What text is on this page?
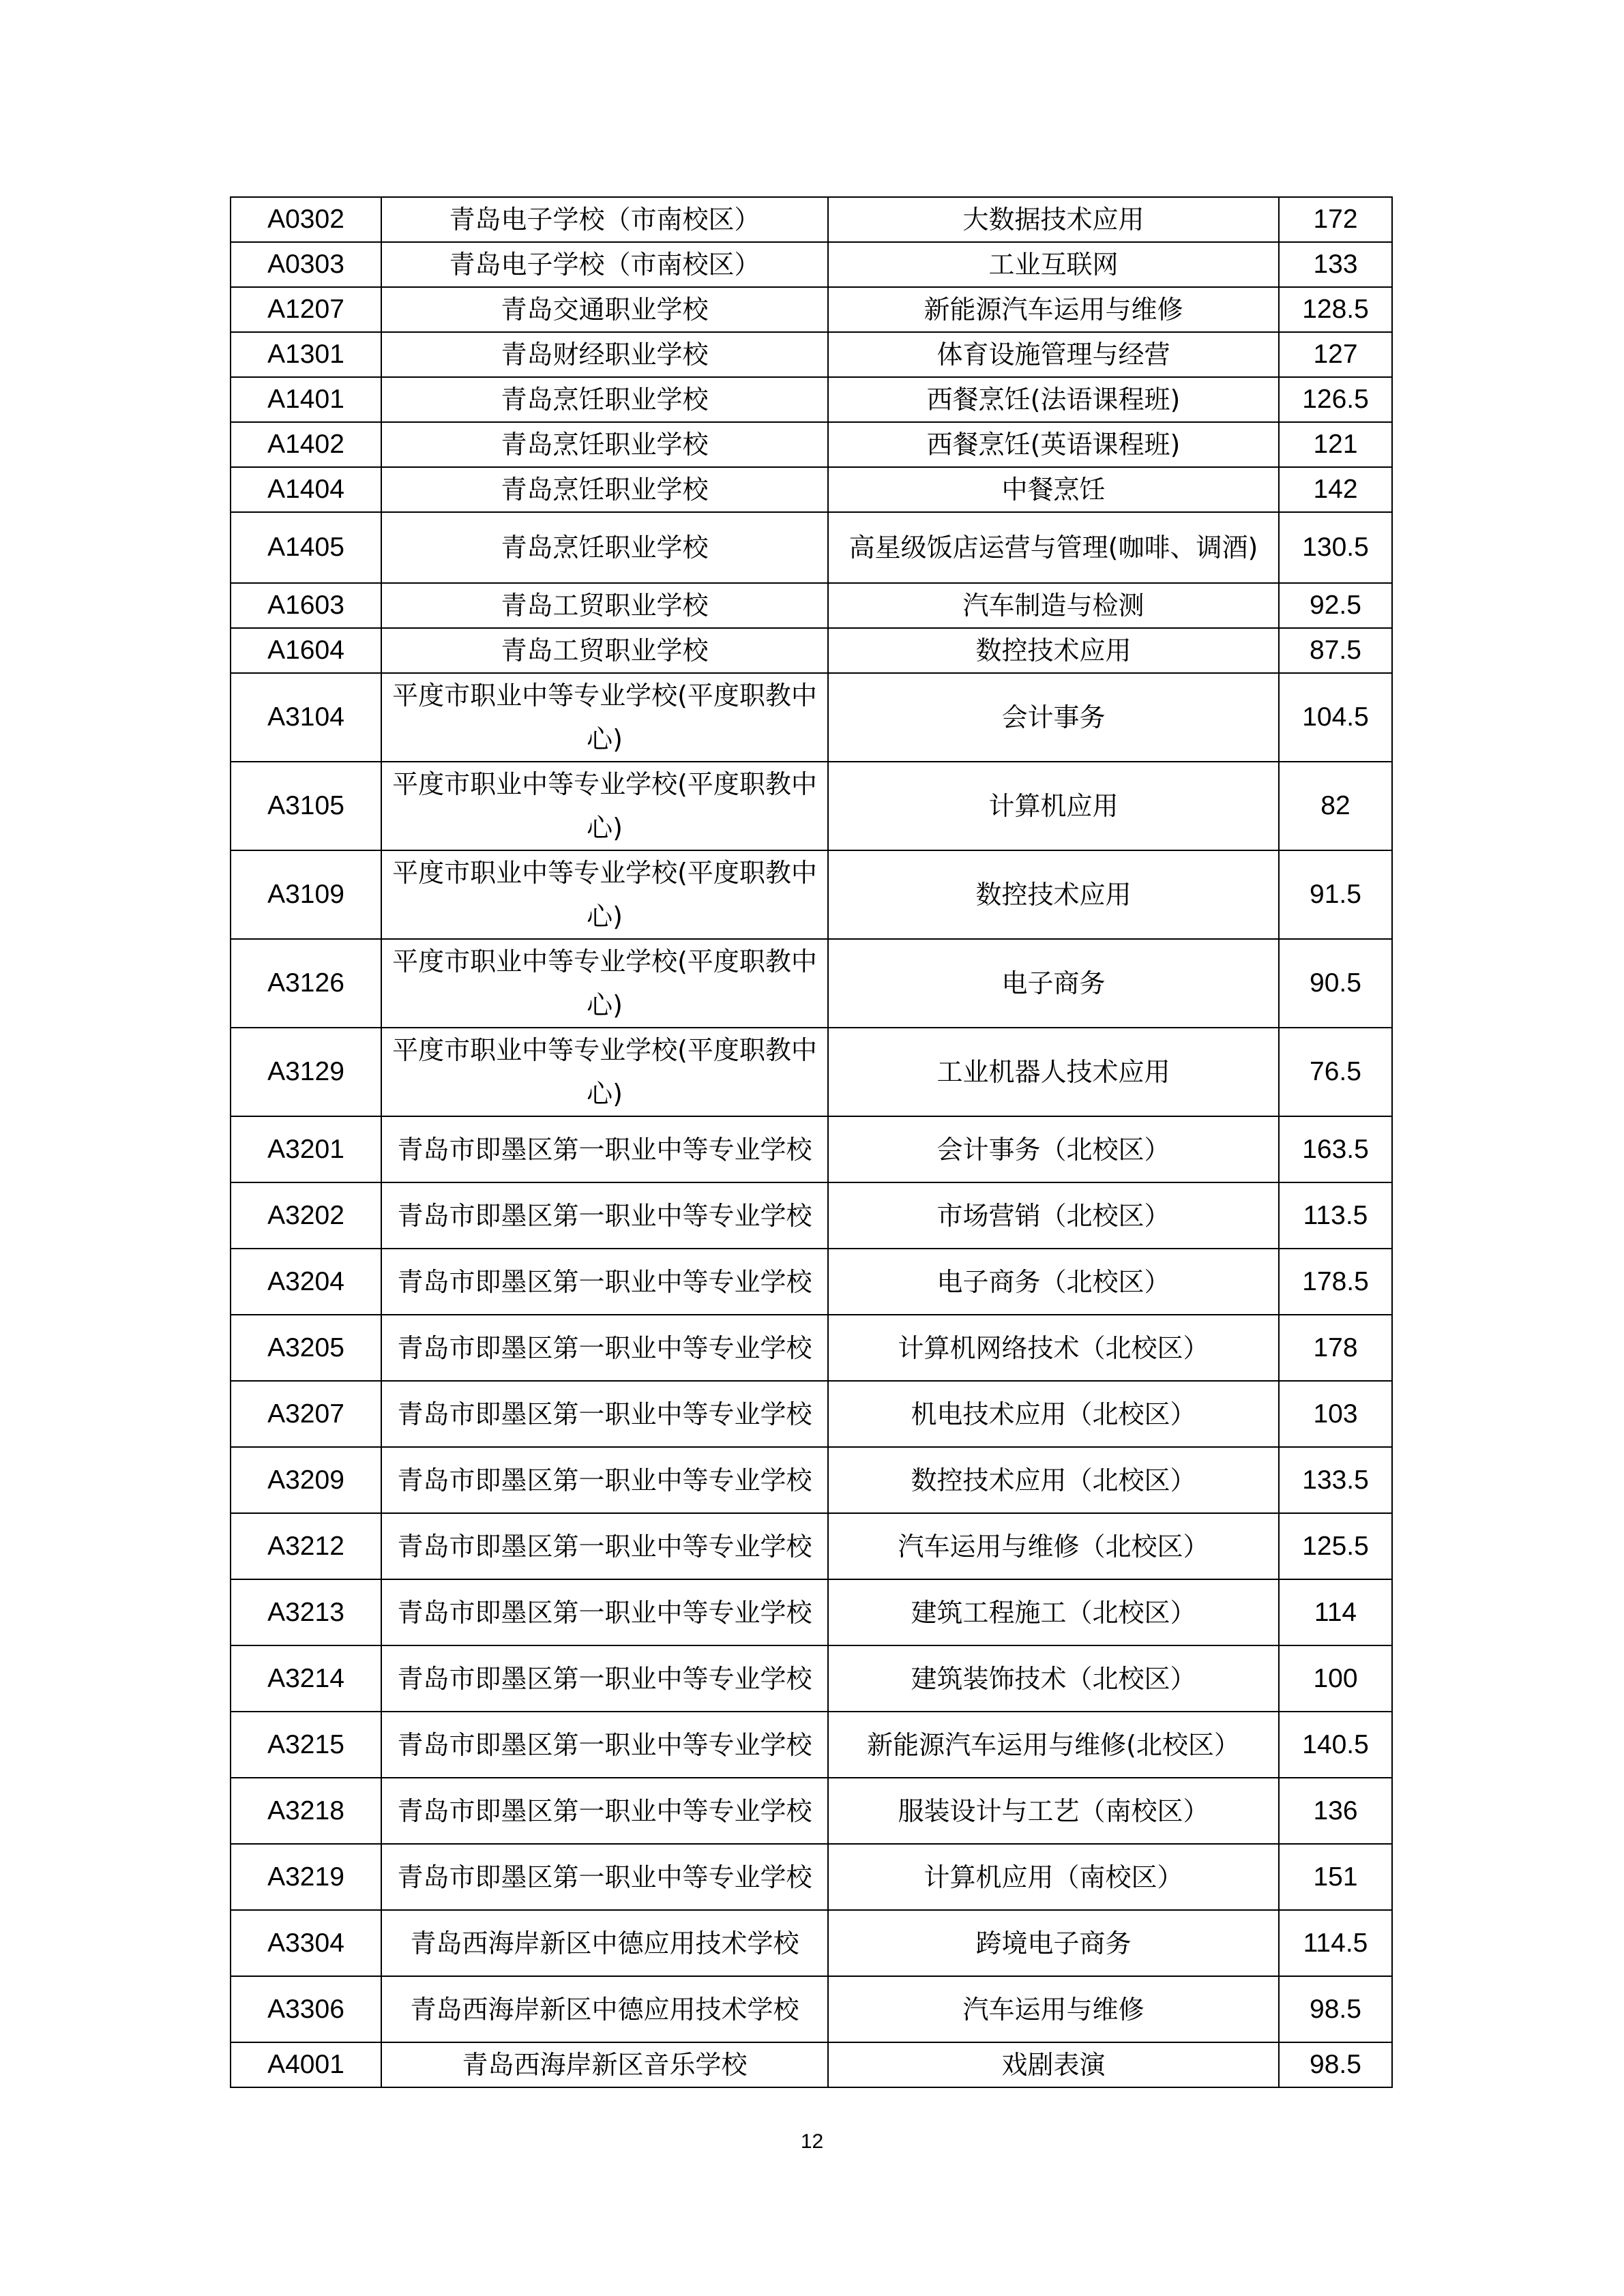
A0302	青岛电子学校（市南校区）	大数据技术应用	172
A0303	青岛电子学校（市南校区）	工业互联网	133
A1207	青岛交通职业学校	新能源汽车运用与维修	128.5
A1301	青岛财经职业学校	体育设施管理与经营	127
A1401	青岛烹饪职业学校	西餐烹饪(法语课程班)	126.5
A1402	青岛烹饪职业学校	西餐烹饪(英语课程班)	121
A1404	青岛烹饪职业学校	中餐烹饪	142
A1405	青岛烹饪职业学校	高星级饭店运营与管理(咖啡、调酒)	130.5
A1603	青岛工贸职业学校	汽车制造与检测	92.5
A1604	青岛工贸职业学校	数控技术应用	87.5
A3104	平度市职业中等专业学校(平度职教中心)	会计事务	104.5
A3105	平度市职业中等专业学校(平度职教中心)	计算机应用	82
A3109	平度市职业中等专业学校(平度职教中心)	数控技术应用	91.5
A3126	平度市职业中等专业学校(平度职教中心)	电子商务	90.5
A3129	平度市职业中等专业学校(平度职教中心)	工业机器人技术应用	76.5
A3201	青岛市即墨区第一职业中等专业学校	会计事务（北校区）	163.5
A3202	青岛市即墨区第一职业中等专业学校	市场营销（北校区）	113.5
A3204	青岛市即墨区第一职业中等专业学校	电子商务（北校区）	178.5
A3205	青岛市即墨区第一职业中等专业学校	计算机网络技术（北校区）	178
A3207	青岛市即墨区第一职业中等专业学校	机电技术应用（北校区）	103
A3209	青岛市即墨区第一职业中等专业学校	数控技术应用（北校区）	133.5
A3212	青岛市即墨区第一职业中等专业学校	汽车运用与维修（北校区）	125.5
A3213	青岛市即墨区第一职业中等专业学校	建筑工程施工（北校区）	114
A3214	青岛市即墨区第一职业中等专业学校	建筑装饰技术（北校区）	100
A3215	青岛市即墨区第一职业中等专业学校	新能源汽车运用与维修(北校区）	140.5
A3218	青岛市即墨区第一职业中等专业学校	服装设计与工艺（南校区）	136
A3219	青岛市即墨区第一职业中等专业学校	计算机应用（南校区）	151
A3304	青岛西海岸新区中德应用技术学校	跨境电子商务	114.5
A3306	青岛西海岸新区中德应用技术学校	汽车运用与维修	98.5
A4001	青岛西海岸新区音乐学校	戏剧表演	98.5
12
